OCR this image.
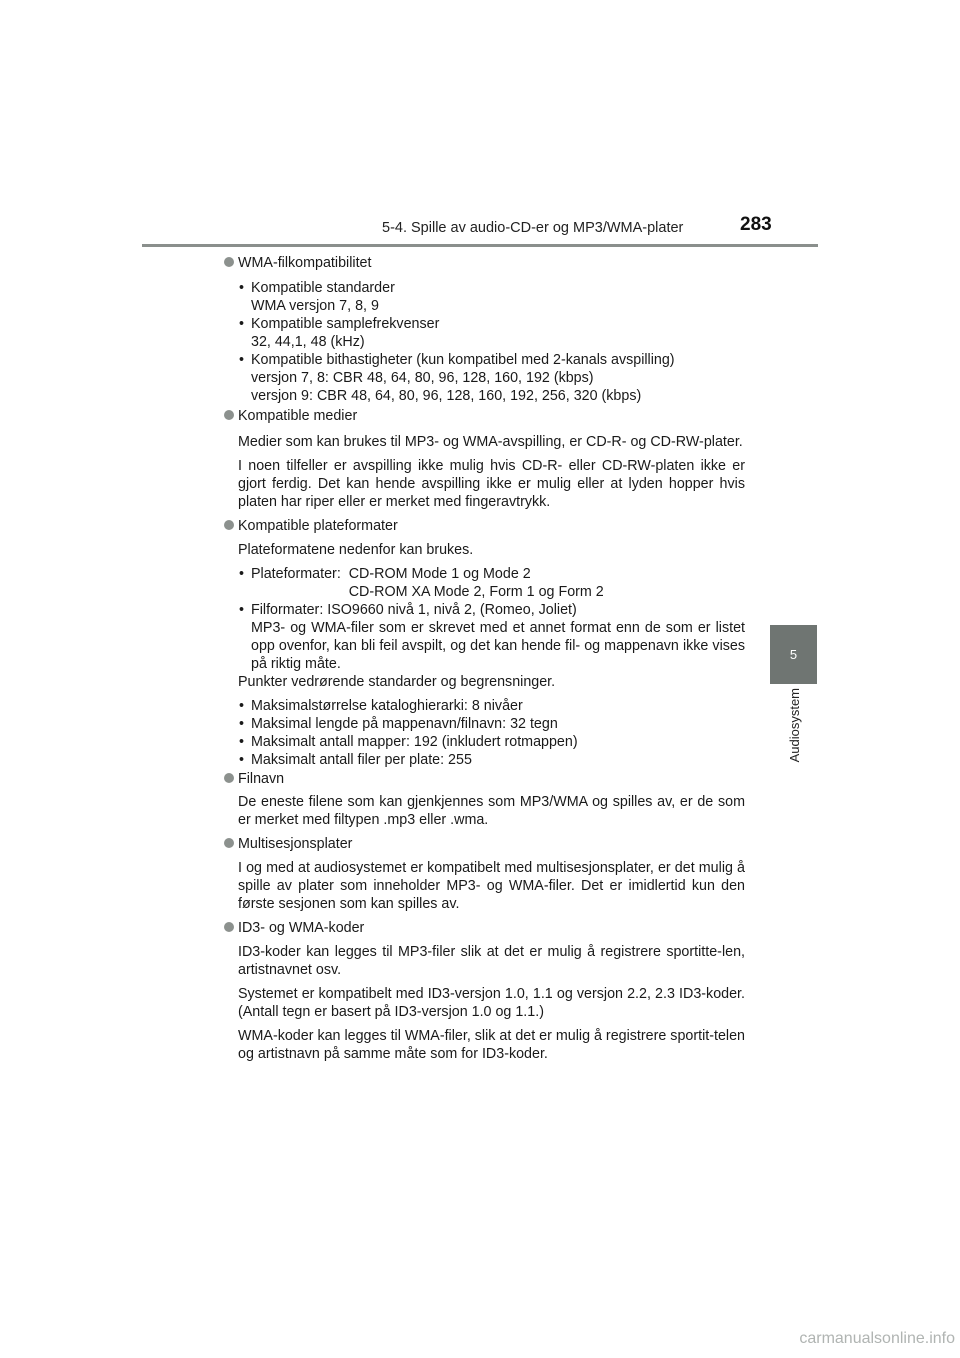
5-4. Spille av audio-CD-er og MP3/WMA-plater	283
5
Audiosystem
WMA-filkompatibilitet
• Kompatible standarder
WMA versjon 7, 8, 9
• Kompatible samplefrekvenser
32, 44,1, 48 (kHz)
• Kompatible bithastigheter (kun kompatibel med 2-kanals avspilling)
versjon 7, 8: CBR 48, 64, 80, 96, 128, 160, 192 (kbps)
versjon 9: CBR 48, 64, 80, 96, 128, 160, 192, 256, 320 (kbps)
Kompatible medier

Medier som kan brukes til MP3- og WMA-avspilling, er CD-R- og CD-RW-plater.

I noen tilfeller er avspilling ikke mulig hvis CD-R- eller CD-RW-platen ikke er gjort ferdig. Det kan hende avspilling ikke er mulig eller at lyden hopper hvis platen har riper eller er merket med fingeravtrykk.

Kompatible plateformater

Plateformatene nedenfor kan brukes.

• Plateformater: CD-ROM Mode 1 og Mode 2
CD-ROM XA Mode 2, Form 1 og Form 2
• Filformater: ISO9660 nivå 1, nivå 2, (Romeo, Joliet)
MP3- og WMA-filer som er skrevet med et annet format enn de som er listet opp ovenfor, kan bli feil avspilt, og det kan hende fil- og mappenavn ikke vises på riktig måte.

Punkter vedrørende standarder og begrensninger.

• Maksimalstørrelse kataloghierarki: 8 nivåer
• Maksimal lengde på mappenavn/filnavn: 32 tegn
• Maksimalt antall mapper: 192 (inkludert rotmappen)
• Maksimalt antall filer per plate: 255
Filnavn

De eneste filene som kan gjenkjennes som MP3/WMA og spilles av, er de som er merket med filtypen .mp3 eller .wma.

Multisesjonsplater

I og med at audiosystemet er kompatibelt med multisesjonsplater, er det mulig å spille av plater som inneholder MP3- og WMA-filer. Det er imidlertid kun den første sesjonen som kan spilles av.

ID3- og WMA-koder

ID3-koder kan legges til MP3-filer slik at det er mulig å registrere sportitte-len, artistnavnet osv.

Systemet er kompatibelt med ID3-versjon 1.0, 1.1 og versjon 2.2, 2.3 ID3-koder. (Antall tegn er basert på ID3-versjon 1.0 og 1.1.)

WMA-koder kan legges til WMA-filer, slik at det er mulig å registrere sportit-telen og artistnavn på samme måte som for ID3-koder.

carmanualsonline.info
